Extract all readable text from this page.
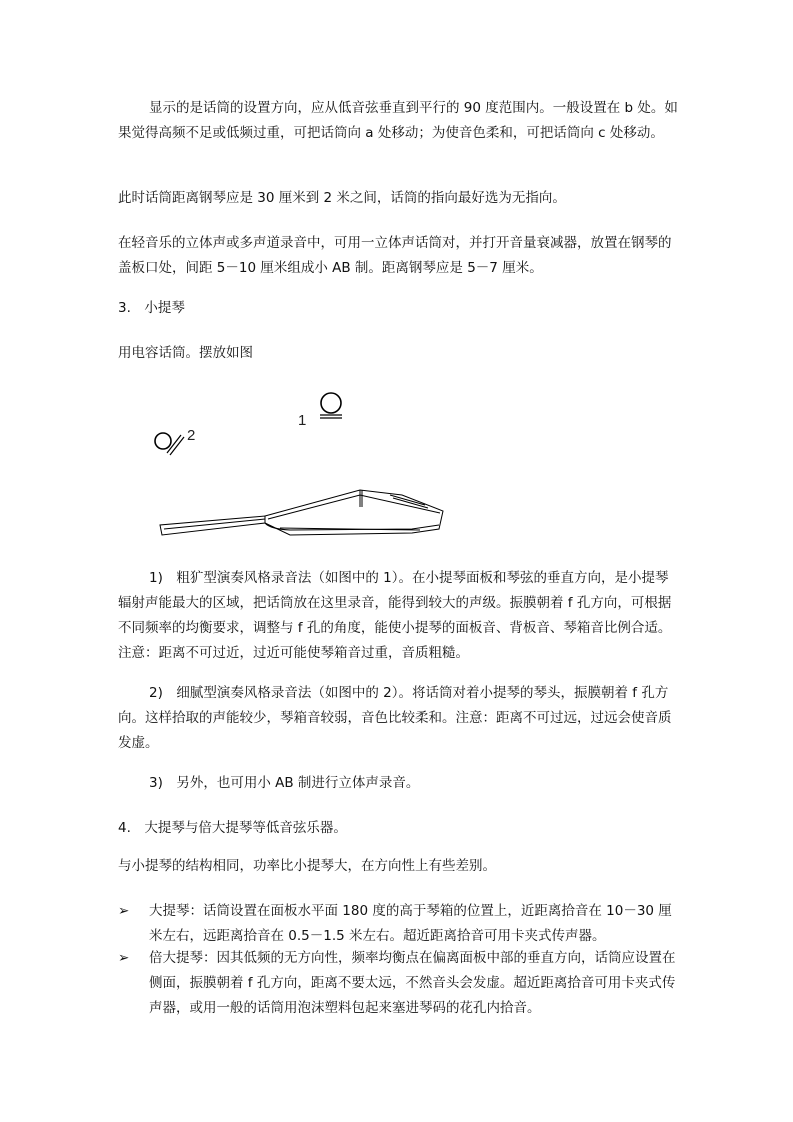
显示的是话筒的设置方向，应从低音弦垂直到平行的 90 度范围内。一般设置在 b 处。如果觉得高频不足或低频过重，可把话筒向 a 处移动；为使音色柔和，可把话筒向 c 处移动。

此时话筒距离钢琴应是 30 厘米到 2 米之间，话筒的指向最好选为无指向。

在轻音乐的立体声或多声道录音中，可用一立体声话筒对，并打开音量衰减器，放置在钢琴的盖板口处，间距 5－10 厘米组成小 AB 制。距离钢琴应是 5－7 厘米。

3.　小提琴

用电容话筒。摆放如图

1
2

1)　粗犷型演奏风格录音法（如图中的 1）。在小提琴面板和琴弦的垂直方向，是小提琴辐射声能最大的区域，把话筒放在这里录音，能得到较大的声级。振膜朝着 f 孔方向，可根据不同频率的均衡要求，调整与 f 孔的角度，能使小提琴的面板音、背板音、琴箱音比例合适。注意：距离不可过近，过近可能使琴箱音过重，音质粗糙。

2)　细腻型演奏风格录音法（如图中的 2）。将话筒对着小提琴的琴头，振膜朝着 f 孔方向。这样拾取的声能较少，琴箱音较弱，音色比较柔和。注意：距离不可过远，过远会使音质发虚。

3)　另外，也可用小 AB 制进行立体声录音。

4.　大提琴与倍大提琴等低音弦乐器。

与小提琴的结构相同，功率比小提琴大，在方向性上有些差别。

➢	大提琴：话筒设置在面板水平面 180 度的高于琴箱的位置上，近距离拾音在 10－30 厘米左右，远距离拾音在 0.5－1.5 米左右。超近距离拾音可用卡夹式传声器。
➢	倍大提琴：因其低频的无方向性，频率均衡点在偏离面板中部的垂直方向，话筒应设置在侧面，振膜朝着 f 孔方向，距离不要太远，不然音头会发虚。超近距离拾音可用卡夹式传声器，或用一般的话筒用泡沫塑料包起来塞进琴码的花孔内拾音。
